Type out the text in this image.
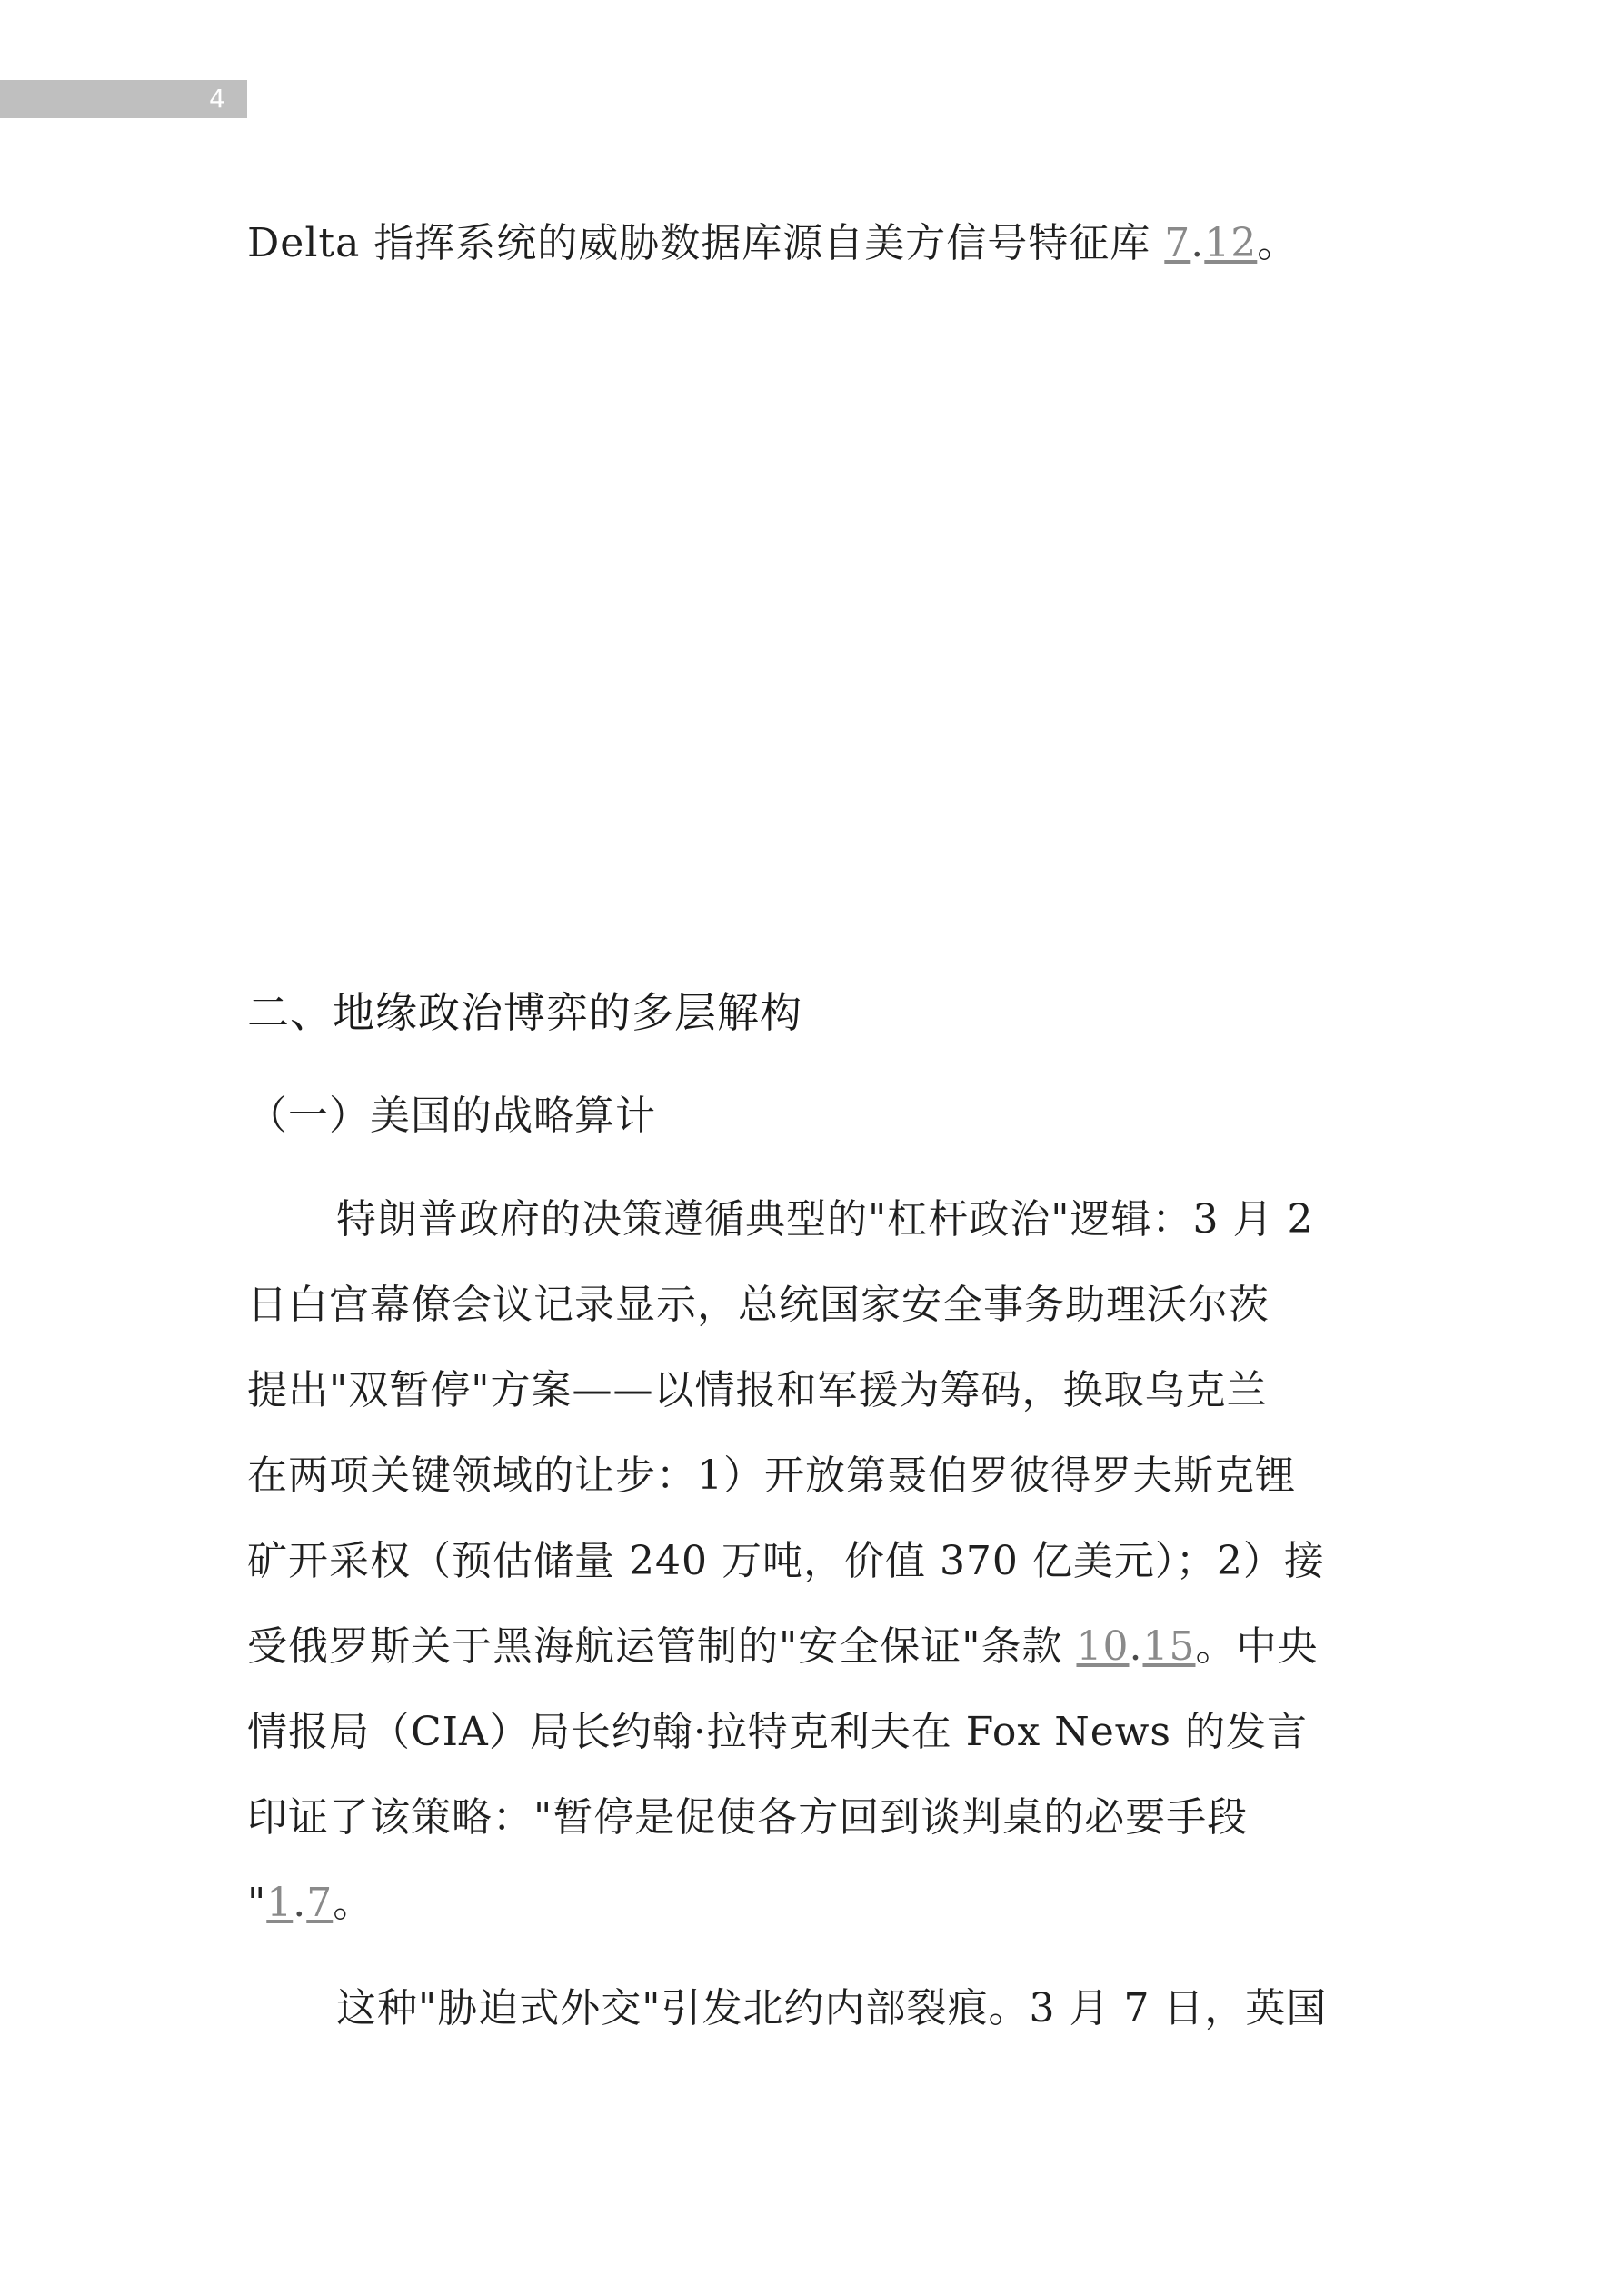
4
Delta 指挥系统的威胁数据库源自美方信号特征库 7.12。
二、地缘政治博弈的多层解构
（一）美国的战略算计
特朗普政府的决策遵循典型的"杠杆政治"逻辑：3 月 2
日白宫幕僚会议记录显示，总统国家安全事务助理沃尔茨
提出"双暂停"方案——以情报和军援为筹码，换取乌克兰
在两项关键领域的让步：1）开放第聂伯罗彼得罗夫斯克锂
矿开采权（预估储量 240 万吨，价值 370 亿美元）；2）接
受俄罗斯关于黑海航运管制的"安全保证"条款 10.15。中央
情报局（CIA）局长约翰·拉特克利夫在 Fox News 的发言
印证了该策略："暂停是促使各方回到谈判桌的必要手段
"1.7。
这种"胁迫式外交"引发北约内部裂痕。3 月 7 日，英国
